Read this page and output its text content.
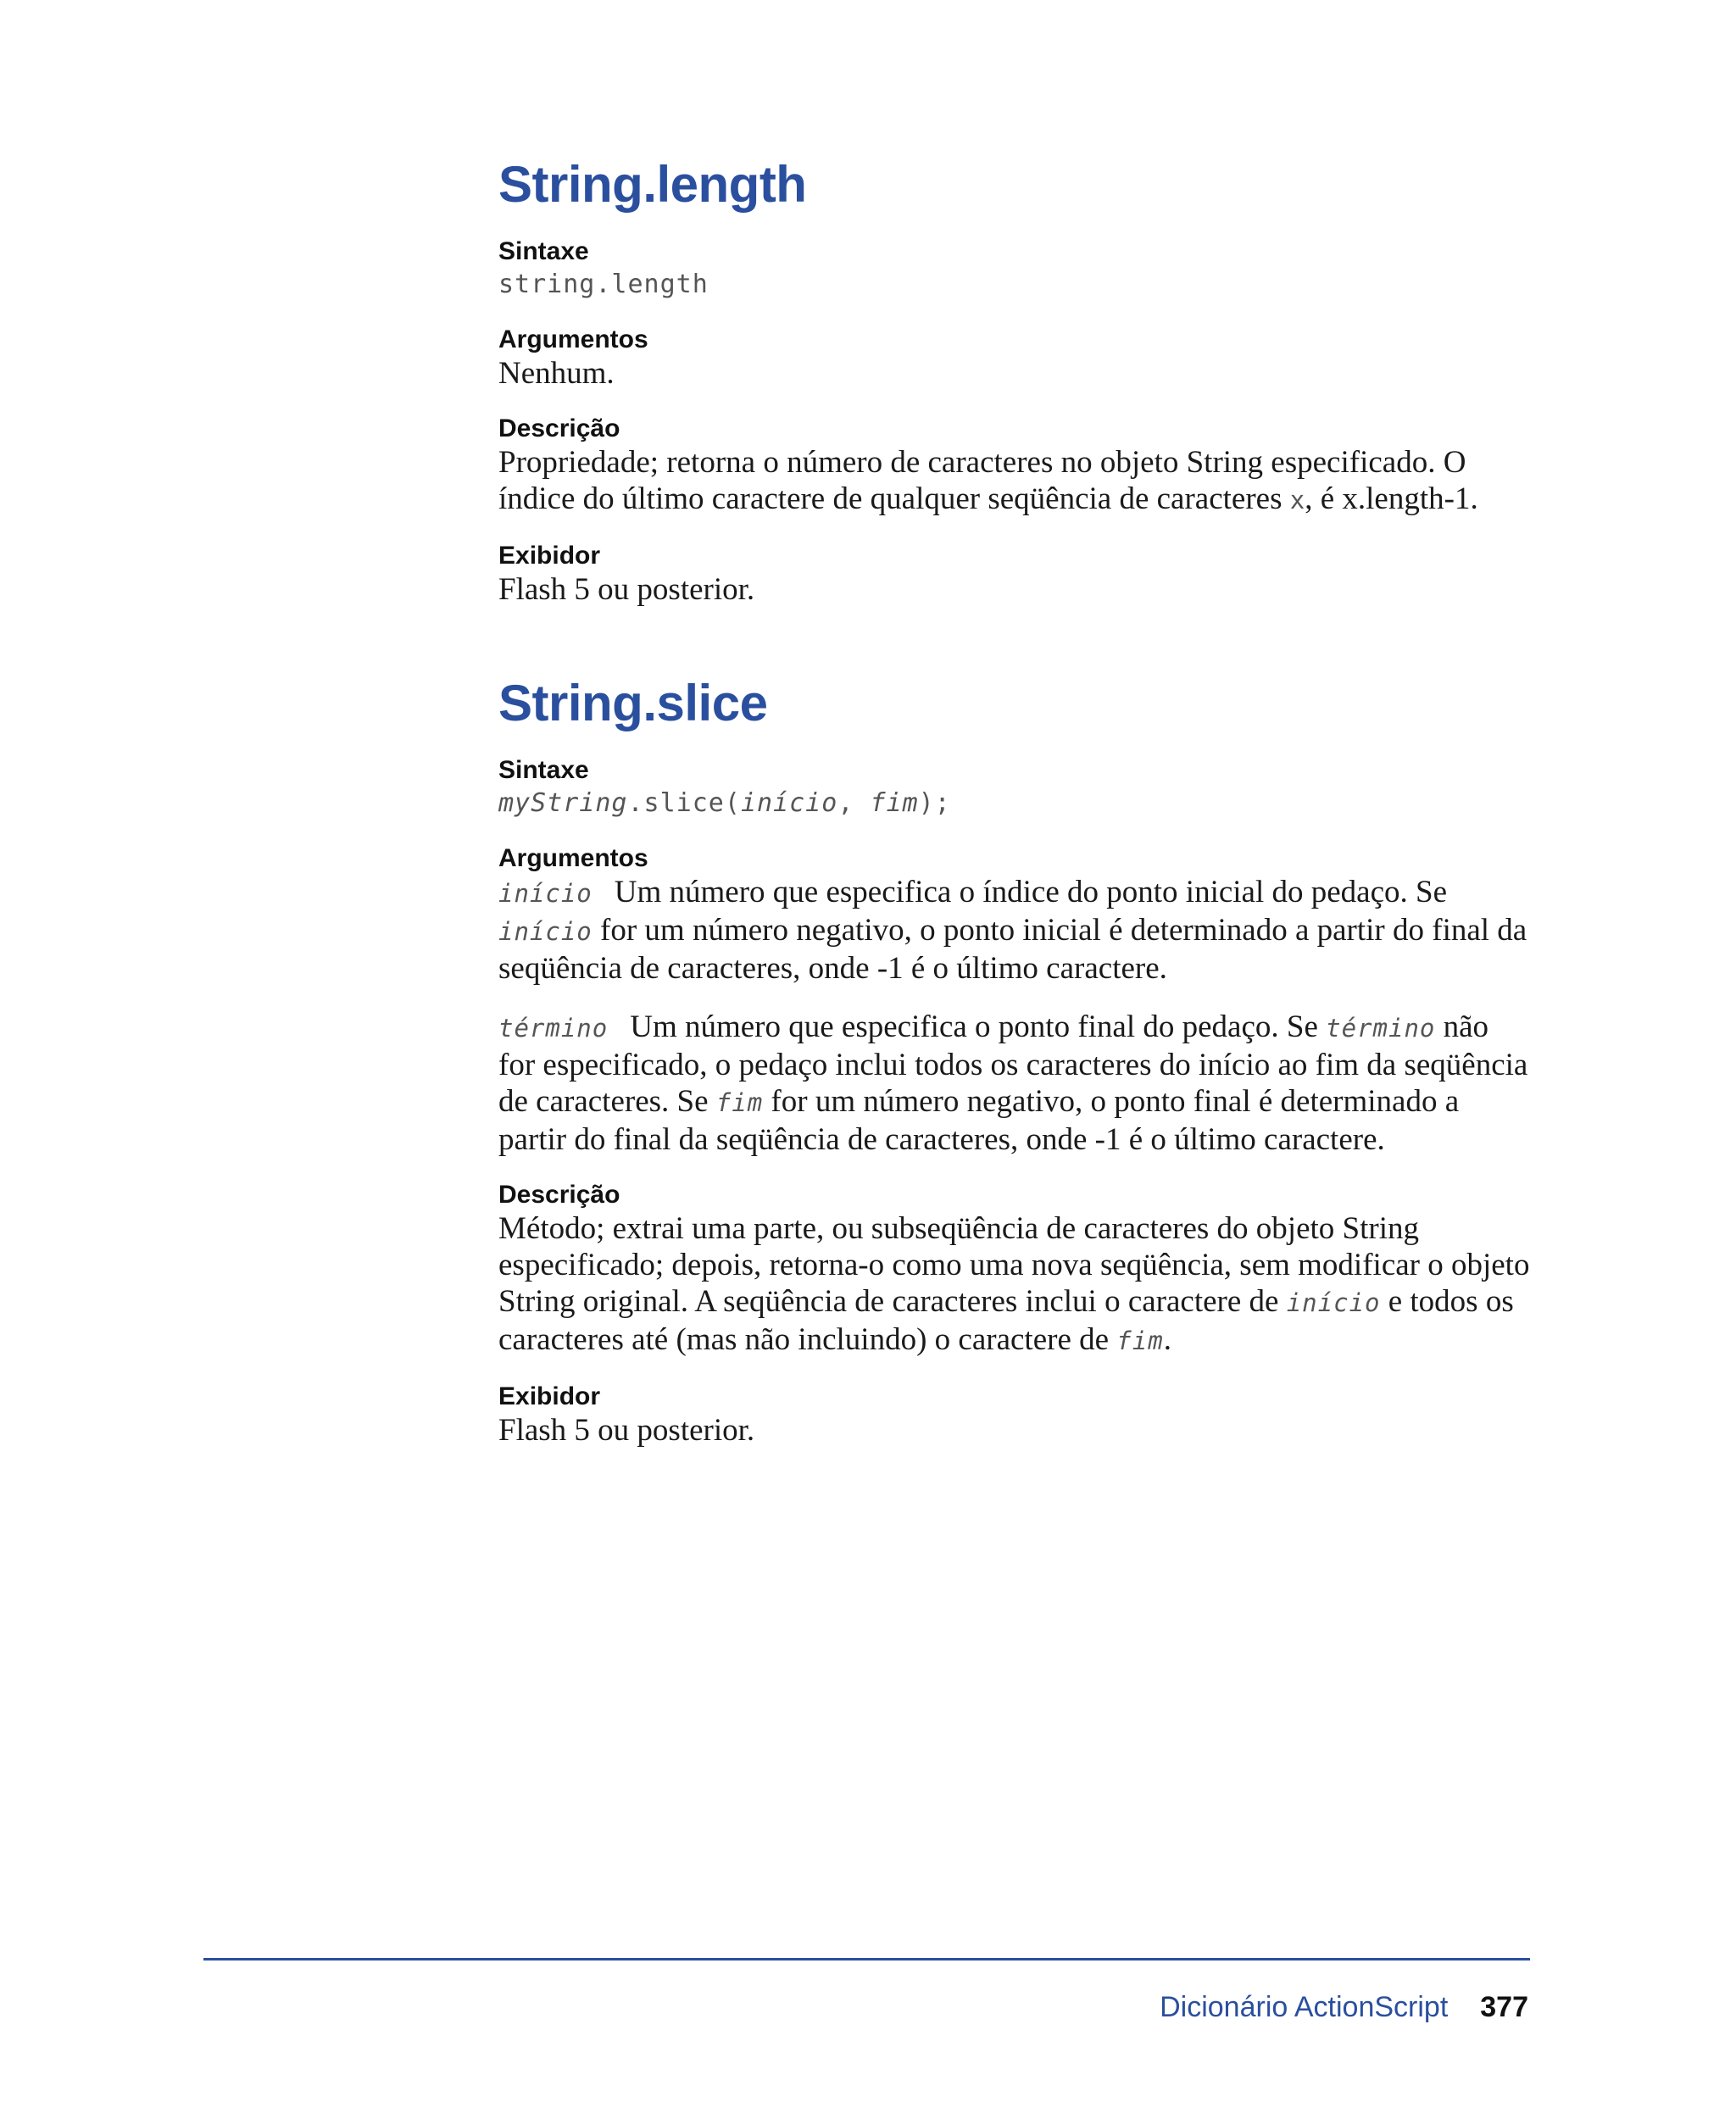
String.length

Sintaxe

string.length

Argumentos

Nenhum.

Descrição

Propriedade; retorna o número de caracteres no objeto String especificado. O índice do último caractere de qualquer seqüência de caracteres x, é x.length-1.

Exibidor

Flash 5 ou posterior.

String.slice

Sintaxe

myString.slice(início, fim);

Argumentos

início Um número que especifica o índice do ponto inicial do pedaço. Se início for um número negativo, o ponto inicial é determinado a partir do final da seqüência de caracteres, onde -1 é o último caractere.

término Um número que especifica o ponto final do pedaço. Se término não for especificado, o pedaço inclui todos os caracteres do início ao fim da seqüência de caracteres. Se fim for um número negativo, o ponto final é determinado a partir do final da seqüência de caracteres, onde -1 é o último caractere.

Descrição

Método; extrai uma parte, ou subseqüência de caracteres do objeto String especificado; depois, retorna-o como uma nova seqüência, sem modificar o objeto String original. A seqüência de caracteres inclui o caractere de início e todos os caracteres até (mas não incluindo) o caractere de fim.

Exibidor

Flash 5 ou posterior.

Dicionário ActionScript 377
